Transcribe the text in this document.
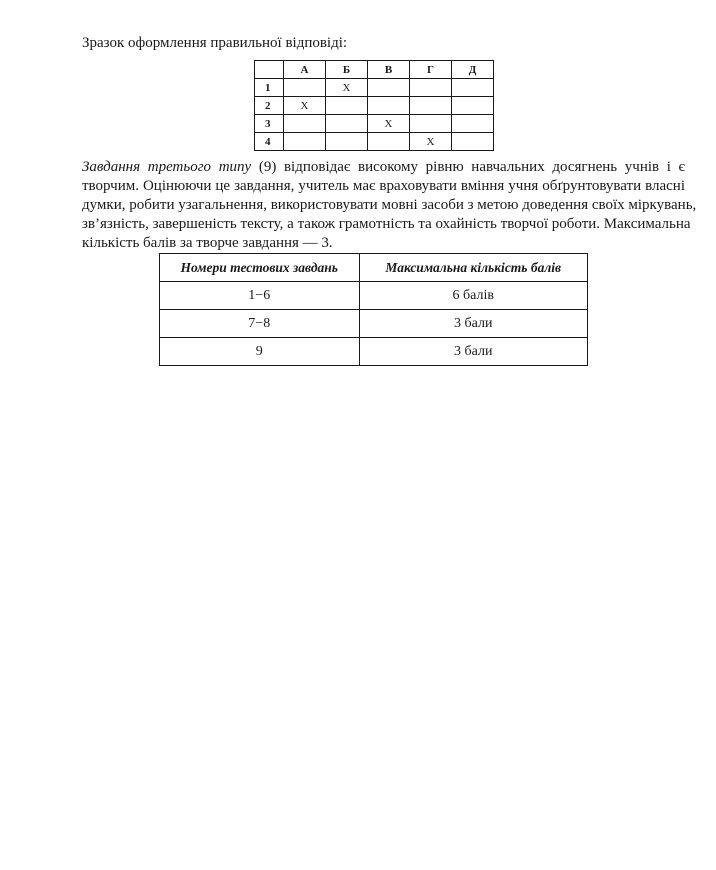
Зразок оформлення правильної відповіді:
	А	Б	В	Г	Д
1		Х			
2	Х				
3			Х		
4				Х	
Завдання третього типу (9) відповідає високому рівню навчальних досягнень учнів і є
творчим. Оцінюючи це завдання, учитель має враховувати вміння учня обґрунтовувати власні
думки, робити узагальнення, використовувати мовні засоби з метою доведення своїх міркувань,
зв’язність, завершеність тексту, а також грамотність та охайність творчої роботи. Максимальна
кількість балів за творче завдання — 3.
Номери тестових завдань	Максимальна кількість балів
1−6	6 балів
7−8	3 бали
9	3 бали
